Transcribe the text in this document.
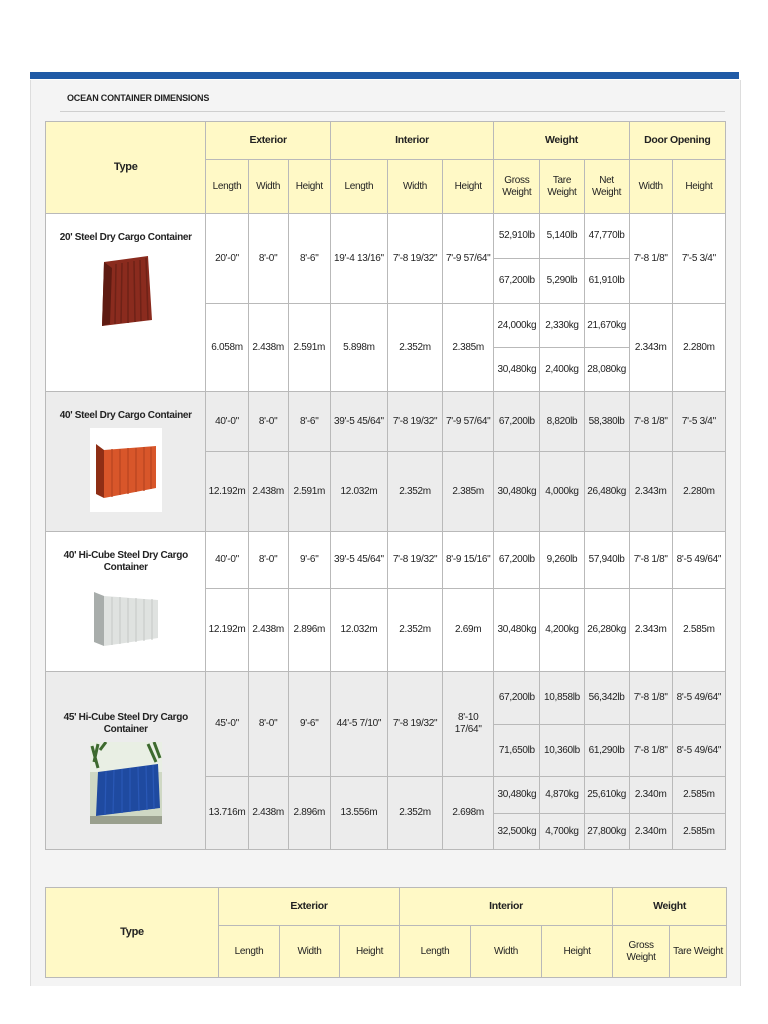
OCEAN CONTAINER DIMENSIONS
Type	Exterior			Interior			Weight			Door Opening	
	Length	Width	Height	Length	Width	Height	Gross Weight	Tare Weight	Net Weight	Width	Height

20' Steel Dry Cargo Container	20'-0"	8'-0"	8'-6"	19'-4 13/16"	7'-8 19/32"	7'-9 57/64"	52,910lb	5,140lb	47,770lb	7'-8 1/8"	7'-5 3/4"
							67,200lb	5,290lb	61,910lb		
	6.058m	2.438m	2.591m	5.898m	2.352m	2.385m	24,000kg	2,330kg	21,670kg	2.343m	2.280m
							30,480kg	2,400kg	28,080kg		

40' Steel Dry Cargo Container	40'-0"	8'-0"	8'-6"	39'-5 45/64"	7'-8 19/32"	7'-9 57/64"	67,200lb	8,820lb	58,380lb	7'-8 1/8"	7'-5 3/4"
	12.192m	2.438m	2.591m	12.032m	2.352m	2.385m	30,480kg	4,000kg	26,480kg	2.343m	2.280m

40' Hi-Cube Steel Dry Cargo Container	40'-0"	8'-0"	9'-6"	39'-5 45/64"	7'-8 19/32"	8'-9 15/16"	67,200lb	9,260lb	57,940lb	7'-8 1/8"	8'-5 49/64"
	12.192m	2.438m	2.896m	12.032m	2.352m	2.69m	30,480kg	4,200kg	26,280kg	2.343m	2.585m

45' Hi-Cube Steel Dry Cargo Container	45'-0"	8'-0"	9'-6"	44'-5 7/10"	7'-8 19/32"	8'-10 17/64"	67,200lb	10,858lb	56,342lb	7'-8 1/8"	8'-5 49/64"
							71,650lb	10,360lb	61,290lb	7'-8 1/8"	8'-5 49/64"
	13.716m	2.438m	2.896m	13.556m	2.352m	2.698m	30,480kg	4,870kg	25,610kg	2.340m	2.585m
							32,500kg	4,700kg	27,800kg	2.340m	2.585m
Type	Exterior			Interior			Weight	
	Length	Width	Height	Length	Width	Height	Gross Weight	Tare Weight
